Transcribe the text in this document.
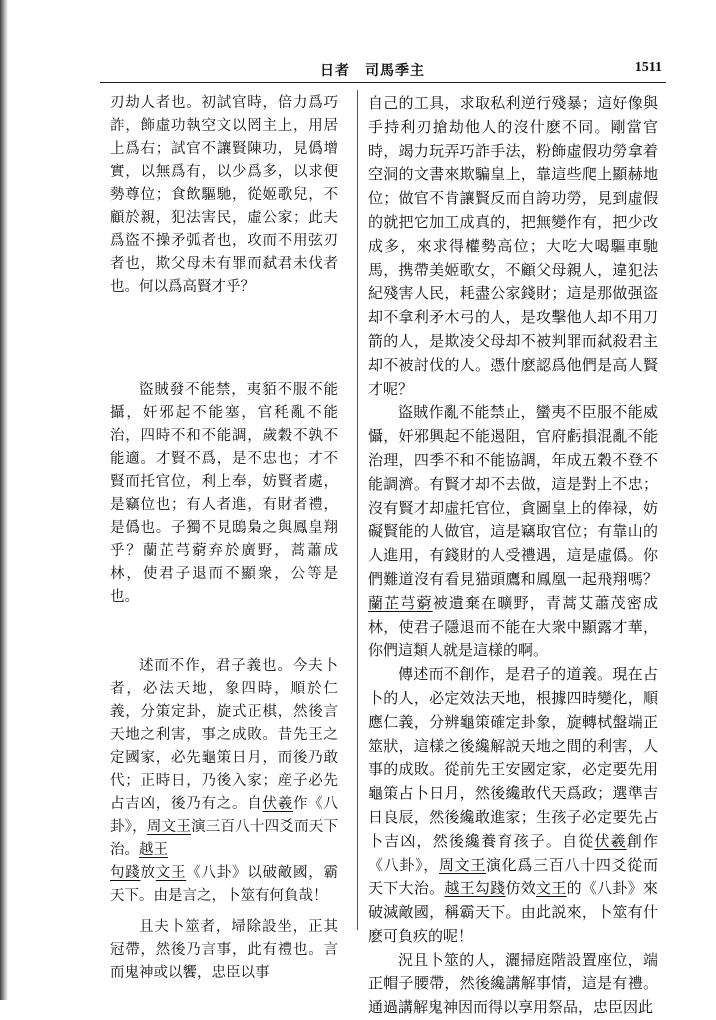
日者　司馬季主	1511

刃劫人者也。初試官時，倍力爲巧詐，飾虛功執空文以罔主上，用居上爲右；試官不讓賢陳功，見僞增實，以無爲有，以少爲多，以求便勢尊位；食飲驅馳，從姬歌兒，不顧於親，犯法害民，虛公家；此夫爲盜不操矛弧者也，攻而不用弦刃者也，欺父母未有罪而弑君未伐者也。何以爲高賢才乎？

盜賊發不能禁，夷貊不服不能攝，奸邪起不能塞，官秏亂不能治，四時不和不能調，歲穀不孰不能適。才賢不爲，是不忠也；才不賢而托官位，利上奉，妨賢者處，是竊位也；有人者進，有財者禮，是僞也。子獨不見鴟梟之與鳳皇翔乎？蘭芷芎藭弃於廣野，蒿蕭成林，使君子退而不顯衆，公等是也。

述而不作，君子義也。今夫卜者，必法天地，象四時，順於仁義，分策定卦，旋式正棋，然後言天地之利害，事之成敗。昔先王之定國家，必先龜策日月，而後乃敢代；正時日，乃後入家；産子必先占吉凶，後乃有之。自伏羲作《八卦》，周文王演三百八十四爻而天下治。越王
句踐放文王《八卦》以破敵國，霸天下。由是言之，卜筮有何負哉！

且夫卜筮者，埽除設坐，正其冠帶，然後乃言事，此有禮也。言而鬼神或以饗，忠臣以事

自己的工具，求取私利逆行殘暴；這好像與手持利刃搶劫他人的沒什麽不同。剛當官時，竭力玩弄巧詐手法，粉飾虛假功勞拿着空洞的文書來欺騙皇上，靠這些爬上顯赫地位；做官不肯讓賢反而自誇功勞，見到虛假的就把它加工成真的，把無變作有，把少改成多，來求得權勢高位；大吃大喝驅車馳馬，携帶美姬歌女，不顧父母親人，違犯法紀殘害人民，耗盡公家錢財；這是那做强盗却不拿利矛木弓的人，是攻擊他人却不用刀箭的人，是欺凌父母却不被判罪而弑殺君主却不被討伐的人。憑什麽認爲他們是高人賢才呢？

盜賊作亂不能禁止，蠻夷不臣服不能威懾，奸邪興起不能遏阻，官府虧損混亂不能治理，四季不和不能協調，年成五穀不登不能調濟。有賢才却不去做，這是對上不忠；沒有賢才却虛托官位，貪圖皇上的俸禄，妨礙賢能的人做官，這是竊取官位；有靠山的人進用，有錢財的人受禮遇，這是虛僞。你們難道沒有看見猫頭鷹和鳳凰一起飛翔嗎？蘭芷芎藭被遺棄在曠野，青蒿艾蕭茂密成林，使君子隱退而不能在大衆中顯露才華，你們這類人就是這樣的啊。

傳述而不創作，是君子的道義。現在占卜的人，必定效法天地，根據四時變化，順應仁義，分辨龜策確定卦象，旋轉栻盤端正筮狀，這樣之後纔解説天地之間的利害，人事的成敗。從前先王安國定家，必定要先用龜策占卜日月，然後纔敢代天爲政；選準吉日良辰，然後纔敢進家；生孩子必定要先占卜吉凶，然後纔養育孩子。自從伏羲創作《八卦》，周文王演化爲三百八十四爻從而天下大治。越王勾踐仿效文王的《八卦》來破滅敵國，稱霸天下。由此説來，卜筮有什麽可負疚的呢！

況且卜筮的人，灑掃庭階設置座位，端正帽子腰帶，然後纔講解事情，這是有禮。通過講解鬼神因而得以享用祭品，忠臣因此
